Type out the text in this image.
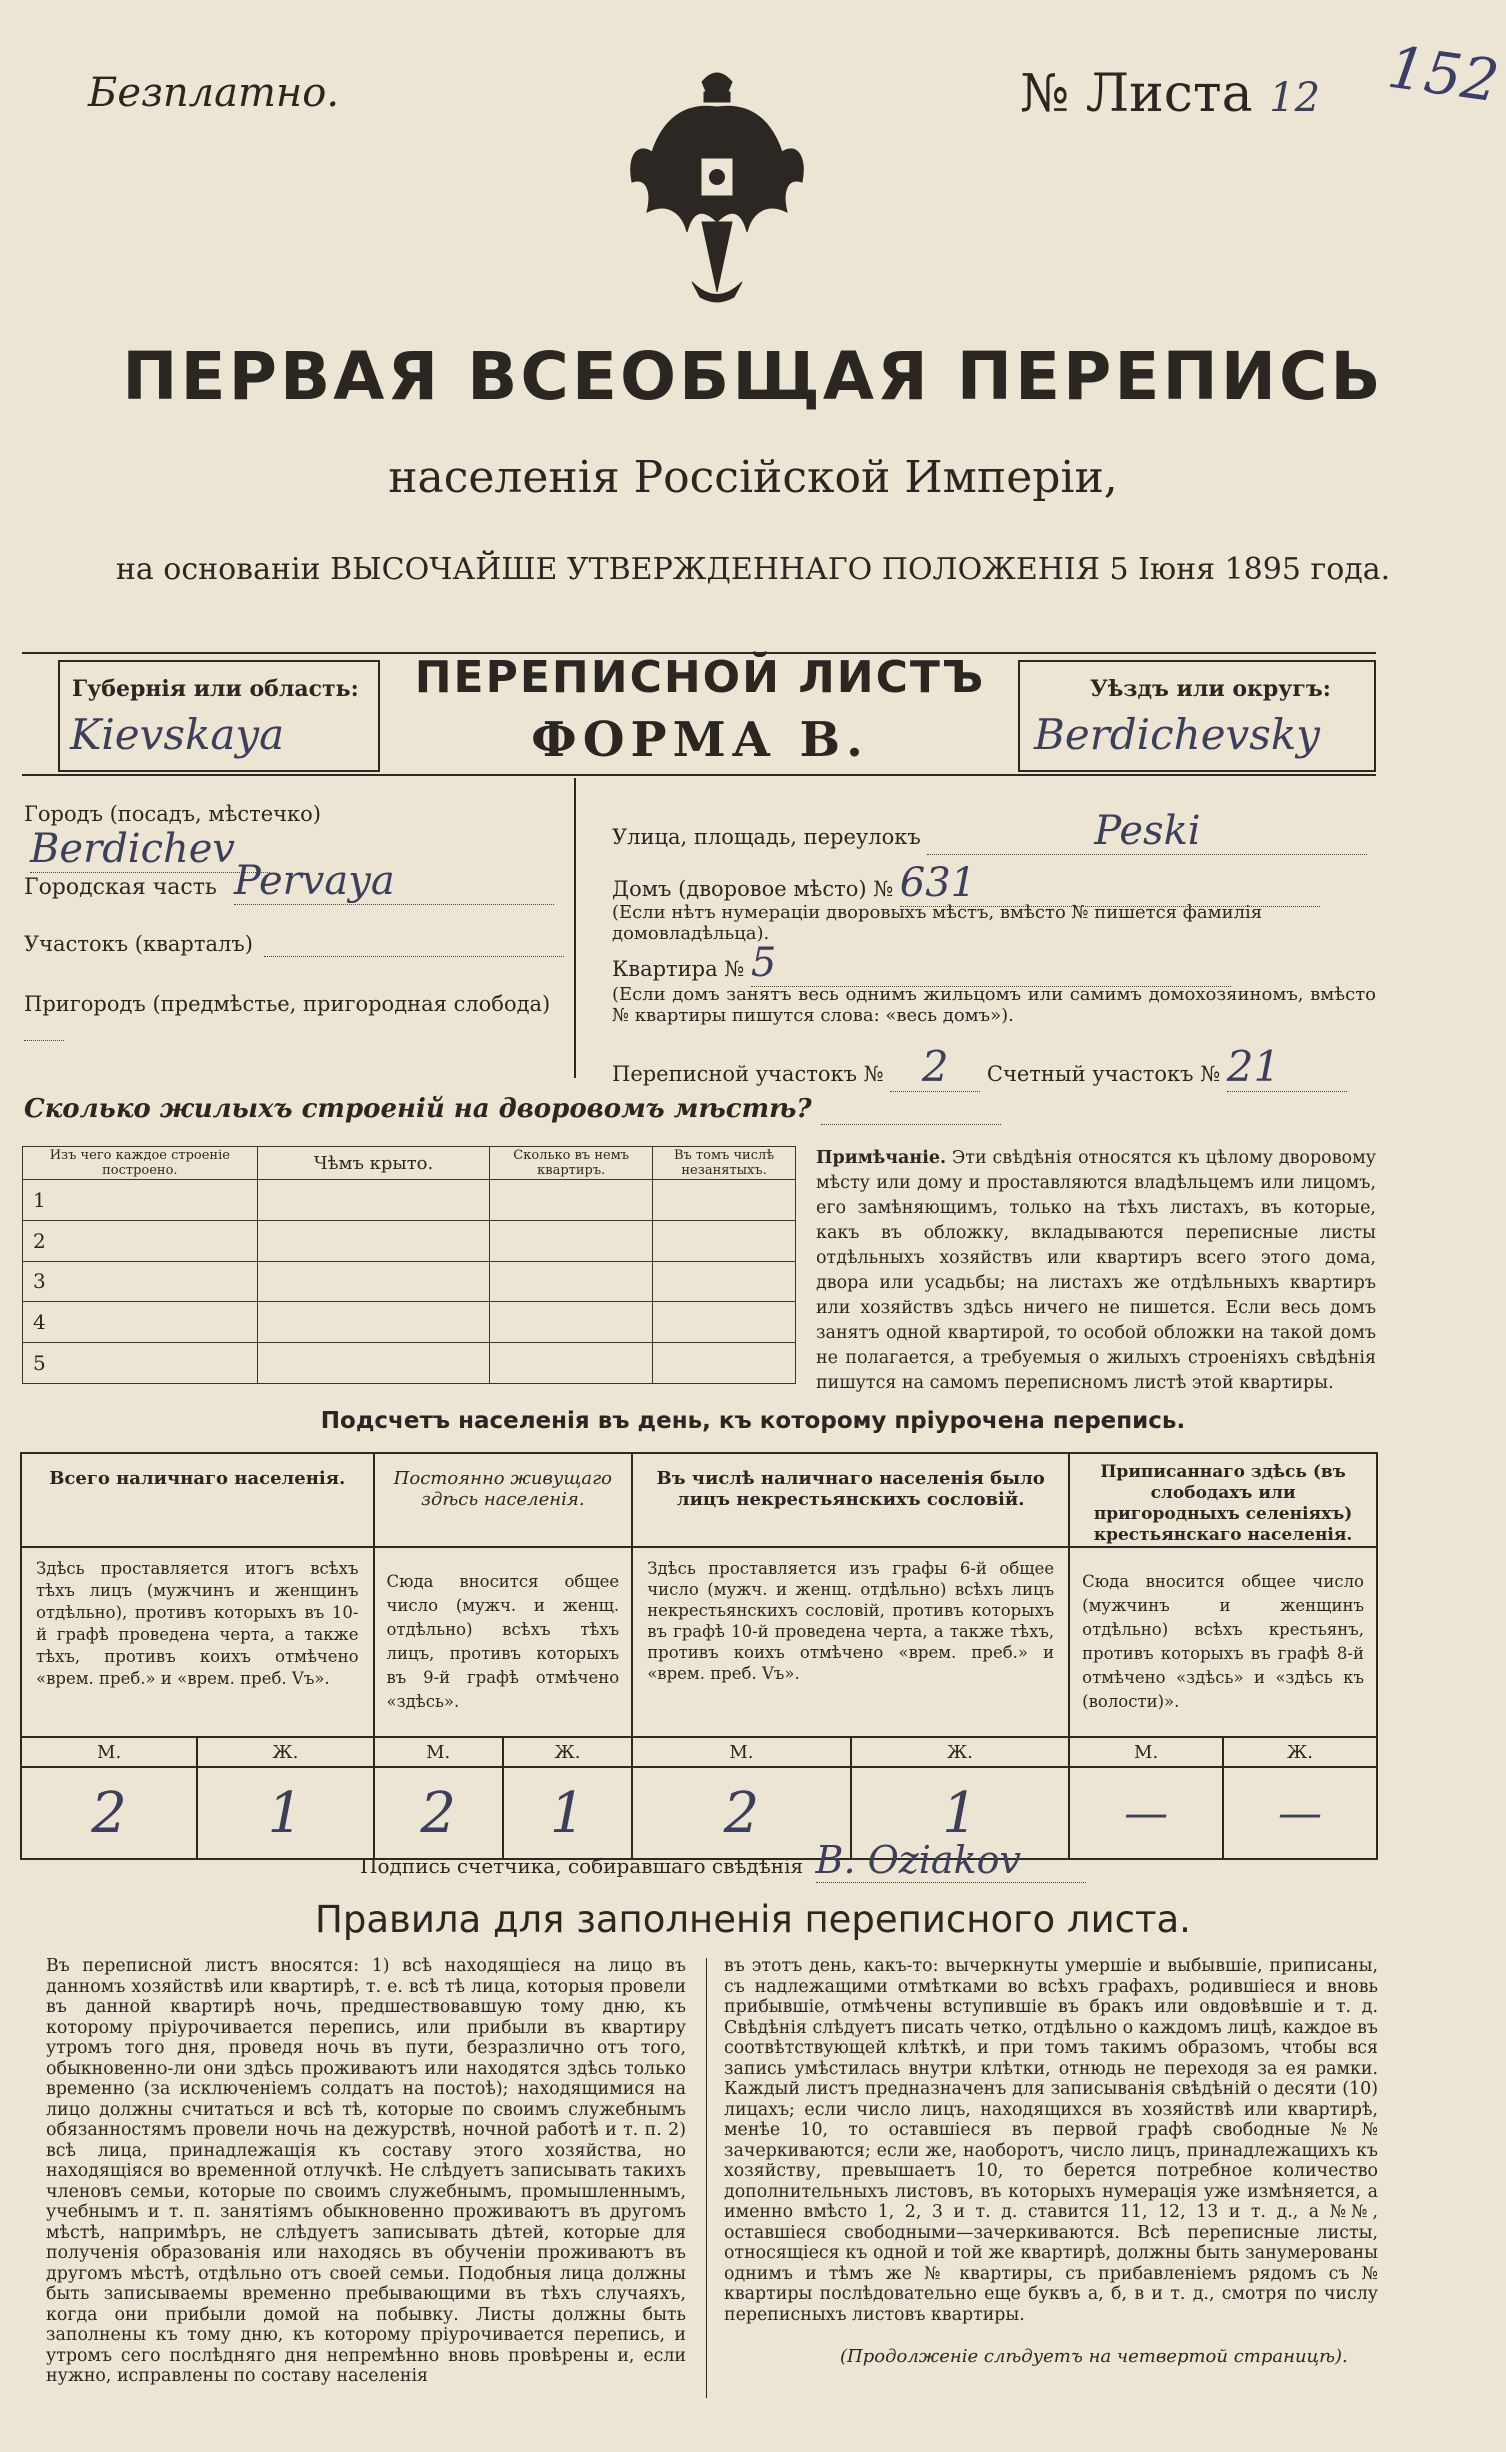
Безплатно.	№ Листа 12 152
ПЕРВАЯ ВСЕОБЩАЯ ПЕРЕПИСЬ
населенія Россійской Имперіи,
на основаніи ВЫСОЧАЙШЕ УТВЕРЖДЕННАГО ПОЛОЖЕНІЯ 5 Іюня 1895 года.
Губернія или область:
Kievskaya
ПЕРЕПИСНОЙ ЛИСТЪ
ФОРМА В.
Уѣздъ или округъ:
Berdichevsky
Городъ (посадъ, мѣстечко) Berdichev
Городская часть Pervaya
Участокъ (кварталъ)
Пригородъ (предмѣстье, пригородная слобода)
Улица, площадь, переулокъ	Peski
Домъ (дворовое мѣсто) № 631
(Если нѣтъ нумераціи дворовыхъ мѣстъ, вмѣсто № пишется фамилія домовладѣльца).
Квартира № 5
(Если домъ занятъ весь однимъ жильцомъ или самимъ домохозяиномъ, вмѣсто № квартиры пишутся слова: «весь домъ»).
Переписной участокъ № 2 Счетный участокъ № 21
Сколько жилыхъ строеній на дворовомъ мѣстѣ?
Изъ чего каждое строеніе построено.	Чѣмъ крыто.	Сколько въ немъ квартиръ.	Въ томъ числѣ незанятыхъ.
1			
2			
3			
4			
5			
Примѣчаніе. Эти свѣдѣнія относятся къ цѣлому дворовому мѣсту или дому и проставляются владѣльцемъ или лицомъ, его замѣняющимъ, только на тѣхъ листахъ, въ которые, какъ въ обложку, вкладываются переписные листы отдѣльныхъ хозяйствъ или квартиръ всего этого дома, двора или усадьбы; на листахъ же отдѣльныхъ квартиръ или хозяйствъ здѣсь ничего не пишется. Если весь домъ занятъ одной квартирой, то особой обложки на такой домъ не полагается, а требуемыя о жилыхъ строеніяхъ свѣдѣнія пишутся на самомъ переписномъ листѣ этой квартиры.
Подсчетъ населенія въ день, къ которому пріурочена перепись.
Всего наличнаго населенія.		Постоянно живущаго здѣсь населенія.		Въ числѣ наличнаго населенія было лицъ некрестьянскихъ сословій.		Приписаннаго здѣсь (въ слободахъ или пригородныхъ селеніяхъ) крестьянскаго населенія.	

Здѣсь проставляется итогъ всѣхъ тѣхъ лицъ (мужчинъ и женщинъ отдѣльно), противъ которыхъ въ 10-й графѣ проведена черта, а также тѣхъ, противъ коихъ отмѣчено «врем. преб.» и «врем. преб. Vъ».		Сюда вносится общее число (мужч. и женщ. отдѣльно) всѣхъ тѣхъ лицъ, противъ которыхъ въ 9-й графѣ отмѣчено «здѣсь».		Здѣсь проставляется изъ графы 6-й общее число (мужч. и женщ. отдѣльно) всѣхъ лицъ некрестьянскихъ сословій, противъ которыхъ въ графѣ 10-й проведена черта, а также тѣхъ, противъ коихъ отмѣчено «врем. преб.» и «врем. преб. Vъ».		Сюда вносится общее число (мужчинъ и женщинъ отдѣльно) всѣхъ крестьянъ, противъ которыхъ въ графѣ 8-й отмѣчено «здѣсь» и «здѣсь къ (волости)».	

М.	Ж.	М.	Ж.	М.	Ж.	М.	Ж.
2	1	2	1	2	1	—	—
Подпись счетчика, собиравшаго свѣдѣнія B. Oziakov
Правила для заполненія переписного листа.
Въ переписной листъ вносятся: 1) всѣ находящіеся на лицо въ данномъ хозяйствѣ или квартирѣ, т. е. всѣ тѣ лица, которыя провели въ данной квартирѣ ночь, предшествовавшую тому дню, къ которому пріурочивается перепись, или прибыли въ квартиру утромъ того дня, проведя ночь въ пути, безразлично отъ того, обыкновенно-ли они здѣсь проживаютъ или находятся здѣсь только временно (за исключеніемъ солдатъ на постоѣ); находящимися на лицо должны считаться и всѣ тѣ, которые по своимъ служебнымъ обязанностямъ провели ночь на дежурствѣ, ночной работѣ и т. п. 2) всѣ лица, принадлежащія къ составу этого хозяйства, но находящіяся во временной отлучкѣ. Не слѣдуетъ записывать такихъ членовъ семьи, которые по своимъ служебнымъ, промышленнымъ, учебнымъ и т. п. занятіямъ обыкновенно проживаютъ въ другомъ мѣстѣ, напримѣръ, не слѣдуетъ записывать дѣтей, которые для полученія образованія или находясь въ обученіи проживаютъ въ другомъ мѣстѣ, отдѣльно отъ своей семьи. Подобныя лица должны быть записываемы временно пребывающими въ тѣхъ случаяхъ, когда они прибыли домой на побывку. Листы должны быть заполнены къ тому дню, къ которому пріурочивается перепись, и утромъ сего послѣдняго дня непремѣнно вновь провѣрены и, если нужно, исправлены по составу населенія
въ этотъ день, какъ-то: вычеркнуты умершіе и выбывшіе, приписаны, съ надлежащими отмѣтками во всѣхъ графахъ, родившіеся и вновь прибывшіе, отмѣчены вступившіе въ бракъ или овдовѣвшіе и т. д. Свѣдѣнія слѣдуетъ писать четко, отдѣльно о каждомъ лицѣ, каждое въ соотвѣтствующей клѣткѣ, и при томъ такимъ образомъ, чтобы вся запись умѣстилась внутри клѣтки, отнюдь не переходя за ея рамки. Каждый листъ предназначенъ для записыванія свѣдѣній о десяти (10) лицахъ; если число лицъ, находящихся въ хозяйствѣ или квартирѣ, менѣе 10, то оставшіеся въ первой графѣ свободные №№ зачеркиваются; если же, наоборотъ, число лицъ, принадлежащихъ къ хозяйству, превышаетъ 10, то берется потребное количество дополнительныхъ листовъ, въ которыхъ нумерація уже измѣняется, а именно вмѣсто 1, 2, 3 и т. д. ставится 11, 12, 13 и т. д., а №№, оставшіеся свободными—зачеркиваются. Всѣ переписные листы, относящіеся къ одной и той же квартирѣ, должны быть занумерованы однимъ и тѣмъ же № квартиры, съ прибавленіемъ рядомъ съ № квартиры послѣдовательно еще буквъ а, б, в и т. д., смотря по числу переписныхъ листовъ квартиры.
(Продолженіе слѣдуетъ на четвертой страницѣ).
